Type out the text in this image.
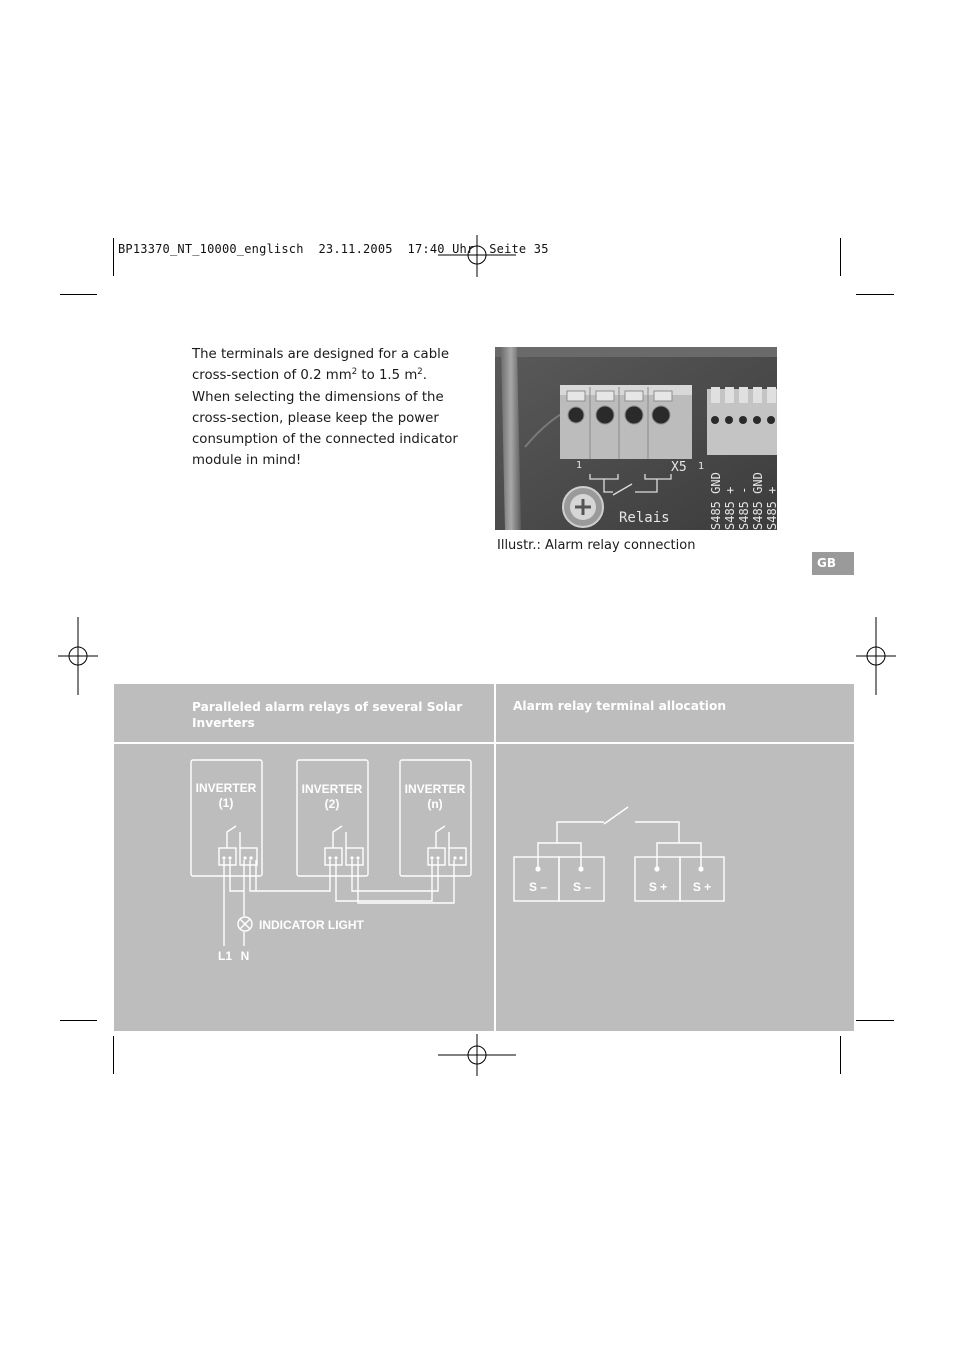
BP13370_NT_10000_englisch  23.11.2005  17:40 Uhr  Seite 35
The terminals are designed for a cable
cross-section of 0.2 $mm^2$ to 1.5 $m^2$.
When selecting the dimensions of the
cross-section, please keep the power
consumption of the connected indicator
module in mind!	1	X5 1
Relais	S485 GND S485 + S485 - S485 GND S485 +
Illustr.: Alarm relay connection
GB
Paralleled alarm relays of several Solar
Inverters
Alarm relay terminal allocation
INVERTER
(1)
INVERTER
(2)
INVERTER
(n)
L1 N
S – S –	S + S +
INDICATOR LIGHT
